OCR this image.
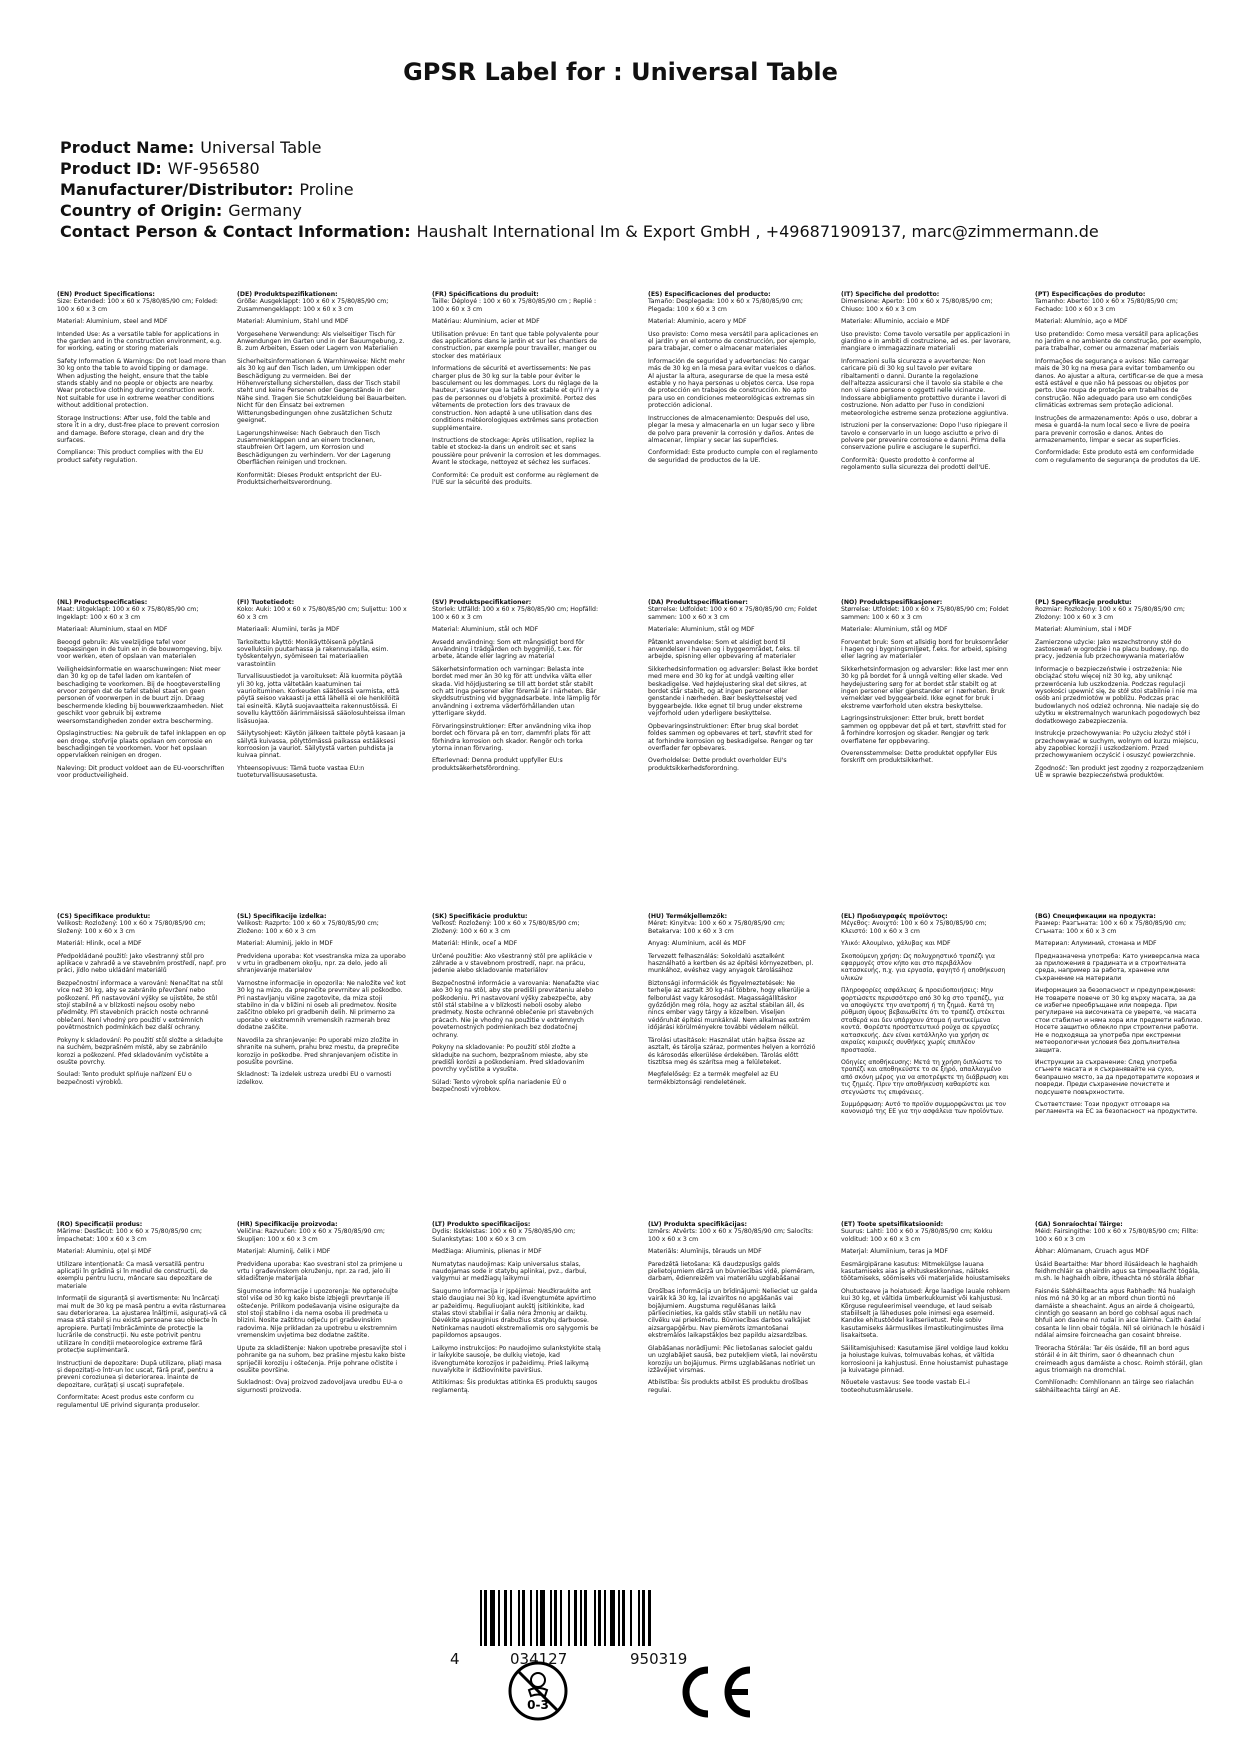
GPSR Label for : Universal Table
Product Name: Universal Table
Product ID: WF-956580
Manufacturer/Distributor: Proline
Country of Origin: Germany
Contact Person & Contact Information: Haushalt International Im & Export GmbH , +496871909137, marc@zimmermann.de
(EN) Product Specifications:

Size: Extended: 100 x 60 x 75/80/85/90 cm; Folded: 100 x 60 x 3 cm

Material: Aluminium, steel and MDF

Intended Use: As a versatile table for applications in the garden and in the construction environment, e.g. for working, eating or storing materials

Safety Information & Warnings: Do not load more than 30 kg onto the table to avoid tipping or damage. When adjusting the height, ensure that the table stands stably and no people or objects are nearby. Wear protective clothing during construction work. Not suitable for use in extreme weather conditions without additional protection.

Storage Instructions: After use, fold the table and store it in a dry, dust-free place to prevent corrosion and damage. Before storage, clean and dry the surfaces.

Compliance: This product complies with the EU product safety regulation.

(DE) Produktspezifikationen:

Größe: Ausgeklappt: 100 x 60 x 75/80/85/90 cm; Zusammengeklappt: 100 x 60 x 3 cm

Material: Aluminium, Stahl und MDF

Vorgesehene Verwendung: Als vielseitiger Tisch für Anwendungen im Garten und in der Bauumgebung, z. B. zum Arbeiten, Essen oder Lagern von Materialien

Sicherheitsinformationen & Warnhinweise: Nicht mehr als 30 kg auf den Tisch laden, um Umkippen oder Beschädigung zu vermeiden. Bei der Höhenverstellung sicherstellen, dass der Tisch stabil steht und keine Personen oder Gegenstände in der Nähe sind. Tragen Sie Schutzkleidung bei Bauarbeiten. Nicht für den Einsatz bei extremen Witterungsbedingungen ohne zusätzlichen Schutz geeignet.

Lagerungshinweise: Nach Gebrauch den Tisch zusammenklappen und an einem trockenen, staubfreien Ort lagern, um Korrosion und Beschädigungen zu verhindern. Vor der Lagerung Oberflächen reinigen und trocknen.

Konformität: Dieses Produkt entspricht der EU-Produktsicherheitsverordnung.

(FR) Spécifications du produit:

Taille: Déployé : 100 x 60 x 75/80/85/90 cm ; Replié : 100 x 60 x 3 cm

Matériau: Aluminium, acier et MDF

Utilisation prévue: En tant que table polyvalente pour des applications dans le jardin et sur les chantiers de construction, par exemple pour travailler, manger ou stocker des matériaux

Informations de sécurité et avertissements: Ne pas charger plus de 30 kg sur la table pour éviter le basculement ou les dommages. Lors du réglage de la hauteur, s'assurer que la table est stable et qu'il n'y a pas de personnes ou d'objets à proximité. Portez des vêtements de protection lors des travaux de construction. Non adapté à une utilisation dans des conditions météorologiques extrêmes sans protection supplémentaire.

Instructions de stockage: Après utilisation, repliez la table et stockez-la dans un endroit sec et sans poussière pour prévenir la corrosion et les dommages. Avant le stockage, nettoyez et séchez les surfaces.

Conformité: Ce produit est conforme au règlement de l'UE sur la sécurité des produits.

(ES) Especificaciones del producto:

Tamaño: Desplegada: 100 x 60 x 75/80/85/90 cm; Plegada: 100 x 60 x 3 cm

Material: Aluminio, acero y MDF

Uso previsto: Como mesa versátil para aplicaciones en el jardín y en el entorno de construcción, por ejemplo, para trabajar, comer o almacenar materiales

Información de seguridad y advertencias: No cargar más de 30 kg en la mesa para evitar vuelcos o daños. Al ajustar la altura, asegurarse de que la mesa esté estable y no haya personas u objetos cerca. Use ropa de protección en trabajos de construcción. No apto para uso en condiciones meteorológicas extremas sin protección adicional.

Instrucciones de almacenamiento: Después del uso, plegar la mesa y almacenarla en un lugar seco y libre de polvo para prevenir la corrosión y daños. Antes de almacenar, limpiar y secar las superficies.

Conformidad: Este producto cumple con el reglamento de seguridad de productos de la UE.

(IT) Specifiche del prodotto:

Dimensione: Aperto: 100 x 60 x 75/80/85/90 cm; Chiuso: 100 x 60 x 3 cm

Materiale: Alluminio, acciaio e MDF

Uso previsto: Come tavolo versatile per applicazioni in giardino e in ambiti di costruzione, ad es. per lavorare, mangiare o immagazzinare materiali

Informazioni sulla sicurezza e avvertenze: Non caricare più di 30 kg sul tavolo per evitare ribaltamenti o danni. Durante la regolazione dell'altezza assicurarsi che il tavolo sia stabile e che non vi siano persone o oggetti nelle vicinanze. Indossare abbigliamento protettivo durante i lavori di costruzione. Non adatto per l'uso in condizioni meteorologiche estreme senza protezione aggiuntiva.

Istruzioni per la conservazione: Dopo l'uso ripiegare il tavolo e conservarlo in un luogo asciutto e privo di polvere per prevenire corrosione e danni. Prima della conservazione pulire e asciugare le superfici.

Conformità: Questo prodotto è conforme al regolamento sulla sicurezza dei prodotti dell'UE.

(PT) Especificações do produto:

Tamanho: Aberto: 100 x 60 x 75/80/85/90 cm; Fechado: 100 x 60 x 3 cm

Material: Alumínio, aço e MDF

Uso pretendido: Como mesa versátil para aplicações no jardim e no ambiente de construção, por exemplo, para trabalhar, comer ou armazenar materiais

Informações de segurança e avisos: Não carregar mais de 30 kg na mesa para evitar tombamento ou danos. Ao ajustar a altura, certificar-se de que a mesa está estável e que não há pessoas ou objetos por perto. Use roupa de proteção em trabalhos de construção. Não adequado para uso em condições climáticas extremas sem proteção adicional.

Instruções de armazenamento: Após o uso, dobrar a mesa e guardá-la num local seco e livre de poeira para prevenir corrosão e danos. Antes do armazenamento, limpar e secar as superfícies.

Conformidade: Este produto está em conformidade com o regulamento de segurança de produtos da UE.

(NL) Productspecificaties:

Maat: Uitgeklapt: 100 x 60 x 75/80/85/90 cm; Ingeklapt: 100 x 60 x 3 cm

Materiaal: Aluminium, staal en MDF

Beoogd gebruik: Als veelzijdige tafel voor toepassingen in de tuin en in de bouwomgeving, bijv. voor werken, eten of opslaan van materialen

Veiligheidsinformatie en waarschuwingen: Niet meer dan 30 kg op de tafel laden om kantelen of beschadiging te voorkomen. Bij de hoogteverstelling ervoor zorgen dat de tafel stabiel staat en geen personen of voorwerpen in de buurt zijn. Draag beschermende kleding bij bouwwerkzaamheden. Niet geschikt voor gebruik bij extreme weersomstandigheden zonder extra bescherming.

Opslaginstructies: Na gebruik de tafel inklappen en op een droge, stofvrije plaats opslaan om corrosie en beschadigingen te voorkomen. Voor het opslaan oppervlakken reinigen en drogen.

Naleving: Dit product voldoet aan de EU-voorschriften voor productveiligheid.

(FI) Tuotetiedot:

Koko: Auki: 100 x 60 x 75/80/85/90 cm; Suljettu: 100 x 60 x 3 cm

Materiaali: Alumiini, teräs ja MDF

Tarkoitettu käyttö: Monikäyttöisenä pöytänä sovelluksiin puutarhassa ja rakennusalalla, esim. työskentelyyn, syömiseen tai materiaalien varastointiin

Turvallisuustiedot ja varoitukset: Älä kuormita pöytää yli 30 kg, jotta vältetään kaatuminen tai vaurioituminen. Korkeuden säätöessä varmista, että pöytä seisoo vakaasti ja että lähellä ei ole henkilöitä tai esineitä. Käytä suojavaatteita rakennustöissä. Ei sovellu käyttöön äärimmäisissä sääolosuhteissa ilman lisäsuojaa.

Säilytysohjeet: Käytön jälkeen taittele pöytä kasaan ja säilytä kuivassa, pölyttömässä paikassa estääksesi korroosion ja vauriot. Säilytystä varten puhdista ja kuivaa pinnat.

Yhteensopivuus: Tämä tuote vastaa EU:n tuoteturvallisuusasetusta.

(SV) Produktspecifikationer:

Storlek: Utfälld: 100 x 60 x 75/80/85/90 cm; Hopfälld: 100 x 60 x 3 cm

Material: Aluminium, stål och MDF

Avsedd användning: Som ett mångsidigt bord för användning i trädgården och byggmiljö, t.ex. för arbete, ätande eller lagring av material

Säkerhetsinformation och varningar: Belasta inte bordet med mer än 30 kg för att undvika välta eller skada. Vid höjdjustering se till att bordet står stabilt och att inga personer eller föremål är i närheten. Bär skyddsutrustning vid byggnadsarbete. Inte lämplig för användning i extrema väderförhållanden utan ytterligare skydd.

Förvaringsinstruktioner: Efter användning vika ihop bordet och förvara på en torr, dammfri plats för att förhindra korrosion och skador. Rengör och torka ytorna innan förvaring.

Efterlevnad: Denna produkt uppfyller EU:s produktsäkerhetsförordning.

(DA) Produktspecifikationer:

Størrelse: Udfoldet: 100 x 60 x 75/80/85/90 cm; Foldet sammen: 100 x 60 x 3 cm

Materiale: Aluminium, stål og MDF

Påtænkt anvendelse: Som et alsidigt bord til anvendelser i haven og i byggeområdet, f.eks. til arbejde, spisning eller opbevaring af materialer

Sikkerhedsinformation og advarsler: Belast ikke bordet med mere end 30 kg for at undgå vælting eller beskadigelse. Ved højdejustering skal det sikres, at bordet står stabilt, og at ingen personer eller genstande i nærheden. Bær beskyttelsestøj ved byggearbejde. Ikke egnet til brug under ekstreme vejrforhold uden yderligere beskyttelse.

Opbevaringsinstruktioner: Efter brug skal bordet foldes sammen og opbevares et tørt, støvfrit sted for at forhindre korrosion og beskadigelse. Rengør og tør overflader før opbevares.

Overholdelse: Dette produkt overholder EU's produktsikkerhedsforordning.

(NO) Produktspesifikasjoner:

Størrelse: Utfoldet: 100 x 60 x 75/80/85/90 cm; Foldet sammen: 100 x 60 x 3 cm

Materiale: Aluminium, stål og MDF

Forventet bruk: Som et allsidig bord for bruksområder i hagen og i bygningsmiljøet, f.eks. for arbeid, spising eller lagring av materialer

Sikkerhetsinformasjon og advarsler: Ikke last mer enn 30 kg på bordet for å unngå velting eller skade. Ved høydejustering sørg for at bordet står stabilt og at ingen personer eller gjenstander er i nærheten. Bruk verneklær ved byggearbeid. Ikke egnet for bruk i ekstreme værforhold uten ekstra beskyttelse.

Lagringsinstruksjoner: Etter bruk, brett bordet sammen og oppbevar det på et tørt, støvfritt sted for å forhindre korrosjon og skader. Rengjør og tørk overflatene før oppbevaring.

Overensstemmelse: Dette produktet oppfyller EUs forskrift om produktsikkerhet.

(PL) Specyfikacje produktu:

Rozmiar: Rozłożony: 100 x 60 x 75/80/85/90 cm; Złożony: 100 x 60 x 3 cm

Materiał: Aluminium, stal i MDF

Zamierzone użycie: Jako wszechstronny stół do zastosowań w ogrodzie i na placu budowy, np. do pracy, jedzenia lub przechowywania materiałów

Informacje o bezpieczeństwie i ostrzeżenia: Nie obciążać stołu więcej niż 30 kg, aby uniknąć przewrócenia lub uszkodzenia. Podczas regulacji wysokości upewnić się, że stół stoi stabilnie i nie ma osób ani przedmiotów w pobliżu. Podczas prac budowlanych noś odzież ochronną. Nie nadaje się do użytku w ekstremalnych warunkach pogodowych bez dodatkowego zabezpieczenia.

Instrukcje przechowywania: Po użyciu złożyć stół i przechowywać w suchym, wolnym od kurzu miejscu, aby zapobiec korozji i uszkodzeniom. Przed przechowywaniem oczyścić i osuszyć powierzchnie.

Zgodność: Ten produkt jest zgodny z rozporządzeniem UE w sprawie bezpieczeństwa produktów.

(CS) Specifikace produktu:

Velikost: Rozložený: 100 x 60 x 75/80/85/90 cm; Složený: 100 x 60 x 3 cm

Materiál: Hliník, ocel a MDF

Předpokládané použití: Jako všestranný stůl pro aplikace v zahradě a ve stavebním prostředí, např. pro práci, jídlo nebo ukládání materiálů

Bezpečnostní informace a varování: Nenačítat na stůl více než 30 kg, aby se zabránilo převržení nebo poškození. Při nastavování výšky se ujistěte, že stůl stojí stabilně a v blízkosti nejsou osoby nebo předměty. Při stavebních pracích noste ochranné oblečení. Není vhodný pro použití v extrémních povětrnostních podmínkách bez další ochrany.

Pokyny k skladování: Po použití stůl složte a skladujte na suchém, bezprašném místě, aby se zabránilo korozi a poškození. Před skladováním vyčistěte a osušte povrchy.

Soulad: Tento produkt splňuje nařízení EU o bezpečnosti výrobků.

(SL) Specifikacije izdelka:

Velikost: Razprto: 100 x 60 x 75/80/85/90 cm; Zloženo: 100 x 60 x 3 cm

Material: Aluminij, jeklo in MDF

Predvidena uporaba: Kot vsestranska miza za uporabo v vrtu in gradbenem okolju, npr. za delo, jedo ali shranjevanje materialov

Varnostne informacije in opozorila: Ne naložite več kot 30 kg na mizo, da preprečite prevrnitev ali poškodbo. Pri nastavljanju višine zagotovite, da miza stoji stabilno in da v bližini ni oseb ali predmetov. Nosite zaščitno obleko pri gradbenih delih. Ni primerno za uporabo v ekstremnih vremenskih razmerah brez dodatne zaščite.

Navodila za shranjevanje: Po uporabi mizo zložite in shranite na suhem, prahu brez mestu, da preprečite korozijo in poškodbe. Pred shranjevanjem očistite in posušite površine.

Skladnost: Ta izdelek ustreza uredbi EU o varnosti izdelkov.

(SK) Špecifikácie produktu:

Veľkosť: Rozložený: 100 x 60 x 75/80/85/90 cm; Zložený: 100 x 60 x 3 cm

Materiál: Hliník, oceľ a MDF

Určené použitie: Ako všestranný stôl pre aplikácie v záhrade a v stavebnom prostredí, napr. na prácu, jedenie alebo skladovanie materiálov

Bezpečnostné informácie a varovania: Nenaťažte viac ako 30 kg na stôl, aby ste predišli prevráteniu alebo poškodeniu. Pri nastavovaní výšky zabezpečte, aby stôl stál stabilne a v blízkosti neboli osoby alebo predmety. Noste ochranné oblečenie pri stavebných prácach. Nie je vhodný na použitie v extrémnych poveternostných podmienkach bez dodatočnej ochrany.

Pokyny na skladovanie: Po použití stôl zložte a skladujte na suchom, bezprašnom mieste, aby ste predišli korózii a poškodeniam. Pred skladovaním povrchy vyčistite a vysušte.

Súlad: Tento výrobok spĺňa nariadenie EÚ o bezpečnosti výrobkov.

(HU) Termékjellemzők:

Méret: Kinyitva: 100 x 60 x 75/80/85/90 cm; Betakarva: 100 x 60 x 3 cm

Anyag: Alumínium, acél és MDF

Tervezett felhasználás: Sokoldalú asztalként használható a kertben és az építési környezetben, pl. munkához, evéshez vagy anyagok tárolásához

Biztonsági információk és figyelmeztetések: Ne terhelje az asztalt 30 kg-nál többre, hogy elkerülje a felborulást vagy károsodást. Magasságállításkor győződjön meg róla, hogy az asztal stabilan áll, és nincs ember vagy tárgy a közelben. Viseljen védőruhát építési munkáknál. Nem alkalmas extrém időjárási körülményekre további védelem nélkül.

Tárolási utasítások: Használat után hajtsa össze az asztalt, és tárolja száraz, pormentes helyen a korrózió és károsodás elkerülése érdekében. Tárolás előtt tisztítsa meg és szárítsa meg a felületeket.

Megfelelőség: Ez a termék megfelel az EU termékbiztonsági rendeletének.

(EL) Προδιαγραφές προϊόντος:

Μέγεθος: Ανοιχτό: 100 x 60 x 75/80/85/90 cm; Κλειστό: 100 x 60 x 3 cm

Υλικό: Αλουμίνιο, χάλυβας και MDF

Σκοπούμενη χρήση: Ως πολυχρηστικό τραπέζι για εφαρμογές στον κήπο και στο περιβάλλον κατασκευής, π.χ. για εργασία, φαγητό ή αποθήκευση υλικών

Πληροφορίες ασφάλειας & προειδοποιήσεις: Μην φορτώσετε περισσότερο από 30 kg στο τραπέζι, για να αποφύγετε την ανατροπή ή τη ζημιά. Κατά τη ρύθμιση ύψους βεβαιωθείτε ότι το τραπέζι στέκεται σταθερά και δεν υπάρχουν άτομα ή αντικείμενα κοντά. Φορέστε προστατευτικό ρούχα σε εργασίες κατασκευής. Δεν είναι κατάλληλο για χρήση σε ακραίες καιρικές συνθήκες χωρίς επιπλέον προστασία.

Οδηγίες αποθήκευσης: Μετά τη χρήση διπλώστε το τραπέζι και αποθηκεύστε το σε ξηρό, απαλλαγμένο από σκόνη μέρος για να αποτρέψετε τη διάβρωση και τις ζημιές. Πριν την αποθήκευση καθαρίστε και στεγνώστε τις επιφάνειες.

Συμμόρφωση: Αυτό το προϊόν συμμορφώνεται με τον κανονισμό της ΕΕ για την ασφάλεια των προϊόντων.

(BG) Спецификации на продукта:

Размер: Разгъната: 100 x 60 x 75/80/85/90 cm; Сгъната: 100 x 60 x 3 cm

Материал: Алуминий, стомана и MDF

Предназначена употреба: Като универсална маса за приложения в градината и в строителната среда, например за работа, хранене или съхранение на материали

Информация за безопасност и предупреждения: Не товарете повече от 30 kg върху масата, за да се избегне преобръщане или повреда. При регулиране на височината се уверете, че масата стои стабилно и няма хора или предмети наблизо. Носете защитно облекло при строителни работи. Не е подходяща за употреба при екстремни метеорологични условия без допълнителна защита.

Инструкции за съхранение: След употреба сгънете масата и я съхранявайте на сухо, безпрашно място, за да предотвратите корозия и повреди. Преди съхранение почистете и подсушете повърхностите.

Съответствие: Този продукт отговаря на регламента на ЕС за безопасност на продуктите.

(RO) Specificații produs:

Mărime: Desfăcut: 100 x 60 x 75/80/85/90 cm; Împachetat: 100 x 60 x 3 cm

Material: Aluminiu, oțel și MDF

Utilizare intenționată: Ca masă versatilă pentru aplicații în grădină și în mediul de construcții, de exemplu pentru lucru, mâncare sau depozitare de materiale

Informații de siguranță și avertismente: Nu încărcați mai mult de 30 kg pe masă pentru a evita răsturnarea sau deteriorarea. La ajustarea înălțimii, asigurați-vă că masa stă stabil și nu există persoane sau obiecte în apropiere. Purtați îmbrăcăminte de protecție la lucrările de construcții. Nu este potrivit pentru utilizare în condiții meteorologice extreme fără protecție suplimentară.

Instrucțiuni de depozitare: După utilizare, pliați masa și depozitați-o într-un loc uscat, fără praf, pentru a preveni coroziunea și deteriorarea. Înainte de depozitare, curățați și uscați suprafețele.

Conformitate: Acest produs este conform cu regulamentul UE privind siguranța produselor.

(HR) Specifikacije proizvoda:

Veličina: Razvučen: 100 x 60 x 75/80/85/90 cm; Skupljen: 100 x 60 x 3 cm

Materijal: Aluminij, čelik i MDF

Predviđena uporaba: Kao svestrani stol za primjene u vrtu i građevinskom okruženju, npr. za rad, jelo ili skladištenje materijala

Sigurnosne informacije i upozorenja: Ne opterećujte stol više od 30 kg kako biste izbjegli prevrtanje ili oštećenje. Prilikom podešavanja visine osigurajte da stol stoji stabilno i da nema osoba ili predmeta u blizini. Nosite zaštitnu odjeću pri građevinskim radovima. Nije prikladan za upotrebu u ekstremnim vremenskim uvjetima bez dodatne zaštite.

Upute za skladištenje: Nakon upotrebe presavijte stol i pohranite ga na suhom, bez prašine mjestu kako biste spriječili koroziju i oštećenja. Prije pohrane očistite i osušite površine.

Sukladnost: Ovaj proizvod zadovoljava uredbu EU-a o sigurnosti proizvoda.

(LT) Produkto specifikacijos:

Dydis: Išskleistas: 100 x 60 x 75/80/85/90 cm; Sulankstytas: 100 x 60 x 3 cm

Medžiaga: Aliuminis, plienas ir MDF

Numatytas naudojimas: Kaip universalus stalas, naudojamas sode ir statybų aplinkai, pvz., darbui, valgymui ar medžiagų laikymui

Saugumo informacija ir įspėjimai: Neužkraukite ant stalo daugiau nei 30 kg, kad išvengtumėte apvirtimo ar pažeidimų. Reguliuojant aukštį įsitikinkite, kad stalas stovi stabiliai ir šalia nėra žmonių ar daiktų. Dėvėkite apsauginius drabužius statybų darbuose. Netinkamas naudoti ekstremaliomis oro sąlygomis be papildomos apsaugos.

Laikymo instrukcijos: Po naudojimo sulankstykite stalą ir laikykite sausoje, be dulkių vietoje, kad išvengtumėte korozijos ir pažeidimų. Prieš laikymą nuvalykite ir išdžiovinkite paviršius.

Atitikimas: Šis produktas atitinka ES produktų saugos reglamentą.

(LV) Produkta specifikācijas:

Izmērs: Atvērts: 100 x 60 x 75/80/85/90 cm; Salocīts: 100 x 60 x 3 cm

Materiāls: Alumīnijs, tērauds un MDF

Paredzētā lietošana: Kā daudzpusīgs galds pielietojumiem dārzā un būvniecības vidē, piemēram, darbam, ēdienreizēm vai materiālu uzglabāšanai

Drošības informācija un brīdinājumi: Nelieciet uz galda vairāk kā 30 kg, lai izvairītos no apgāšanās vai bojājumiem. Augstuma regulēšanas laikā pārliecinieties, ka galds stāv stabili un netālu nav cilvēku vai priekšmetu. Būvniecības darbos valkājiet aizsargapģērbu. Nav piemērots izmantošanai ekstremālos laikapstākļos bez papildu aizsardzības.

Glabāšanas norādījumi: Pēc lietošanas salociet galdu un uzglabājiet sausā, bez putekļiem vietā, lai novērstu koroziju un bojājumus. Pirms uzglabāšanas notīriet un izžāvējiet virsmas.

Atbilstība: Šis produkts atbilst ES produktu drošības regulai.

(ET) Toote spetsifikatsioonid:

Suurus: Lahti: 100 x 60 x 75/80/85/90 cm; Kokku volditud: 100 x 60 x 3 cm

Materjal: Alumiinium, teras ja MDF

Eesmärgipärane kasutus: Mitmekülgse lauana kasutamiseks aias ja ehituskeskkonnas, näiteks töötamiseks, söömiseks või materjalide hoiustamiseks

Ohutusteave ja hoiatused: Ärge laadige lauale rohkem kui 30 kg, et vältida ümberkukkumist või kahjustusi. Kõrguse reguleerimisel veenduge, et laud seisab stabiilselt ja läheduses pole inimesi ega esemeid. Kandke ehitustöödel kaitseriietust. Pole sobiv kasutamiseks äärmuslikes ilmastikutingimustes ilma lisakaitseta.

Säilitamisjuhised: Kasutamise järel voldige laud kokku ja hoiustage kuivas, tolmuvabas kohas, et vältida korrosiooni ja kahjustusi. Enne hoiustamist puhastage ja kuivatage pinnad.

Nõuetele vastavus: See toode vastab EL-i tooteohutusmäärusele.

(GA) Sonraíochtaí Táirge:

Méid: Fairsingithe: 100 x 60 x 75/80/85/90 cm; Fillte: 100 x 60 x 3 cm

Ábhar: Alúmanam, Cruach agus MDF

Úsáid Beartaithe: Mar bhord ilúsáideach le haghaidh feidhmchláir sa ghairdín agus sa timpeallacht tógála, m.sh. le haghaidh oibre, itheachta nó stórála ábhar

Faisnéis Sábháilteachta agus Rabhadh: Ná hualaigh níos mó ná 30 kg ar an mbord chun tiontú nó damáiste a sheachaint. Agus an airde á choigeartú, cinntigh go seasann an bord go cobhsaí agus nach bhfuil aon daoine nó rudaí in aice láimhe. Caith éadaí cosanta le linn obair tógála. Níl sé oiriúnach le húsáid i ndálaí aimsire foircneacha gan cosaint bhreise.

Treoracha Stórála: Tar éis úsáide, fill an bord agus stóráil é in áit thirim, saor ó dheannach chun creimeadh agus damáiste a chosc. Roimh stóráil, glan agus triomaigh na dromchlaí.

Comhlíonadh: Comhlíonann an táirge seo rialachán sábháilteachta táirgí an AE.

4	034127	950319
0-3
